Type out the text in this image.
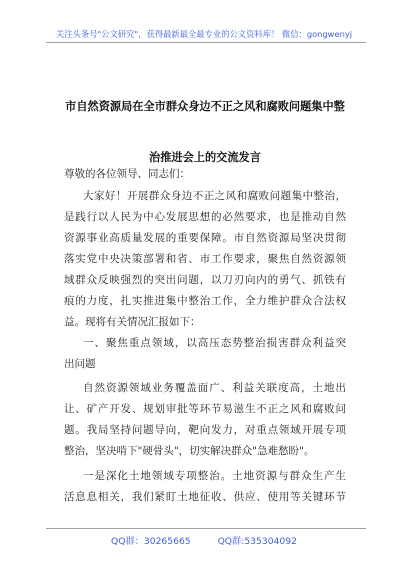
关注头条号"公文研究"，获得最新最全最专业的公文资料库！ 微信：gongwenyj
市自然资源局在全市群众身边不正之风和腐败问题集中整
治推进会上的交流发言
尊敬的各位领导、同志们：
大家好！开展群众身边不正之风和腐败问题集中整治，
是践行以人民为中心发展思想的必然要求，也是推动自然
资源事业高质量发展的重要保障。市自然资源局坚决贯彻
落实党中央决策部署和省、市工作要求，聚焦自然资源领
域群众反映强烈的突出问题，以刀刃向内的勇气、抓铁有
痕的力度，扎实推进集中整治工作，全力维护群众合法权
益。现将有关情况汇报如下：
一、聚焦重点领域，以高压态势整治损害群众利益突
出问题
自然资源领域业务覆盖面广、利益关联度高，土地出
让、矿产开发、规划审批等环节易滋生不正之风和腐败问
题。我局坚持问题导向，靶向发力，对重点领域开展专项
整治，坚决啃下"硬骨头"，切实解决群众"急难愁盼"。
一是深化土地领域专项整治。土地资源与群众生产生
活息息相关，我们紧盯土地征收、供应、使用等关键环节
QQ群：30265665	QQ群:535304092
